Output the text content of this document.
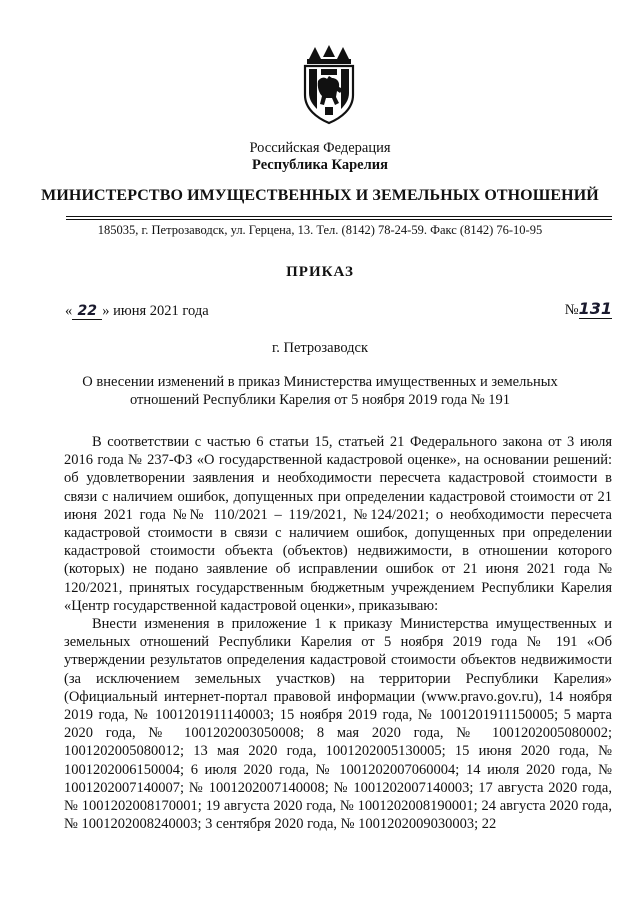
Российская Федерация
Республика Карелия
МИНИСТЕРСТВО ИМУЩЕСТВЕННЫХ И ЗЕМЕЛЬНЫХ ОТНОШЕНИЙ
185035, г. Петрозаводск, ул. Герцена, 13. Тел. (8142) 78-24-59. Факс (8142) 76-10-95
ПРИКАЗ
« 22 » июня 2021 года	№131
г. Петрозаводск
О внесении изменений в приказ Министерства имущественных и земельных
отношений Республики Карелия от 5 ноября 2019 года № 191

В соответствии с частью 6 статьи 15, статьей 21 Федерального закона от 3 июля 2016 года № 237-ФЗ «О государственной кадастровой оценке», на основании решений: об удовлетворении заявления и необходимости пересчета кадастровой стоимости в связи с наличием ошибок, допущенных при определении кадастровой стоимости от 21 июня 2021 года №№ 110/2021 – 119/2021, №124/2021; о необходимости пересчета кадастровой стоимости в связи с наличием ошибок, допущенных при определении кадастровой стоимости объекта (объектов) недвижимости, в отношении которого (которых) не подано заявление об исправлении ошибок от 21 июня 2021 года № 120/2021, принятых государственным бюджетным учреждением Республики Карелия «Центр государственной кадастровой оценки», приказываю:

Внести изменения в приложение 1 к приказу Министерства имущественных и земельных отношений Республики Карелия от 5 ноября 2019 года № 191 «Об утверждении результатов определения кадастровой стоимости объектов недвижимости (за исключением земельных участков) на территории Республики Карелия» (Официальный интернет-портал правовой информации (www.pravo.gov.ru), 14 ноября 2019 года, № 1001201911140003; 15 ноября 2019 года, № 1001201911150005; 5 марта 2020 года, № 1001202003050008; 8 мая 2020 года, № 1001202005080002; 1001202005080012; 13 мая 2020 года, 1001202005130005; 15 июня 2020 года, № 1001202006150004; 6 июля 2020 года, № 1001202007060004; 14 июля 2020 года, № 1001202007140007; № 1001202007140008; № 1001202007140003; 17 августа 2020 года, № 1001202008170001; 19 августа 2020 года, № 1001202008190001; 24 августа 2020 года, № 1001202008240003; 3 сентября 2020 года, № 1001202009030003; 22
